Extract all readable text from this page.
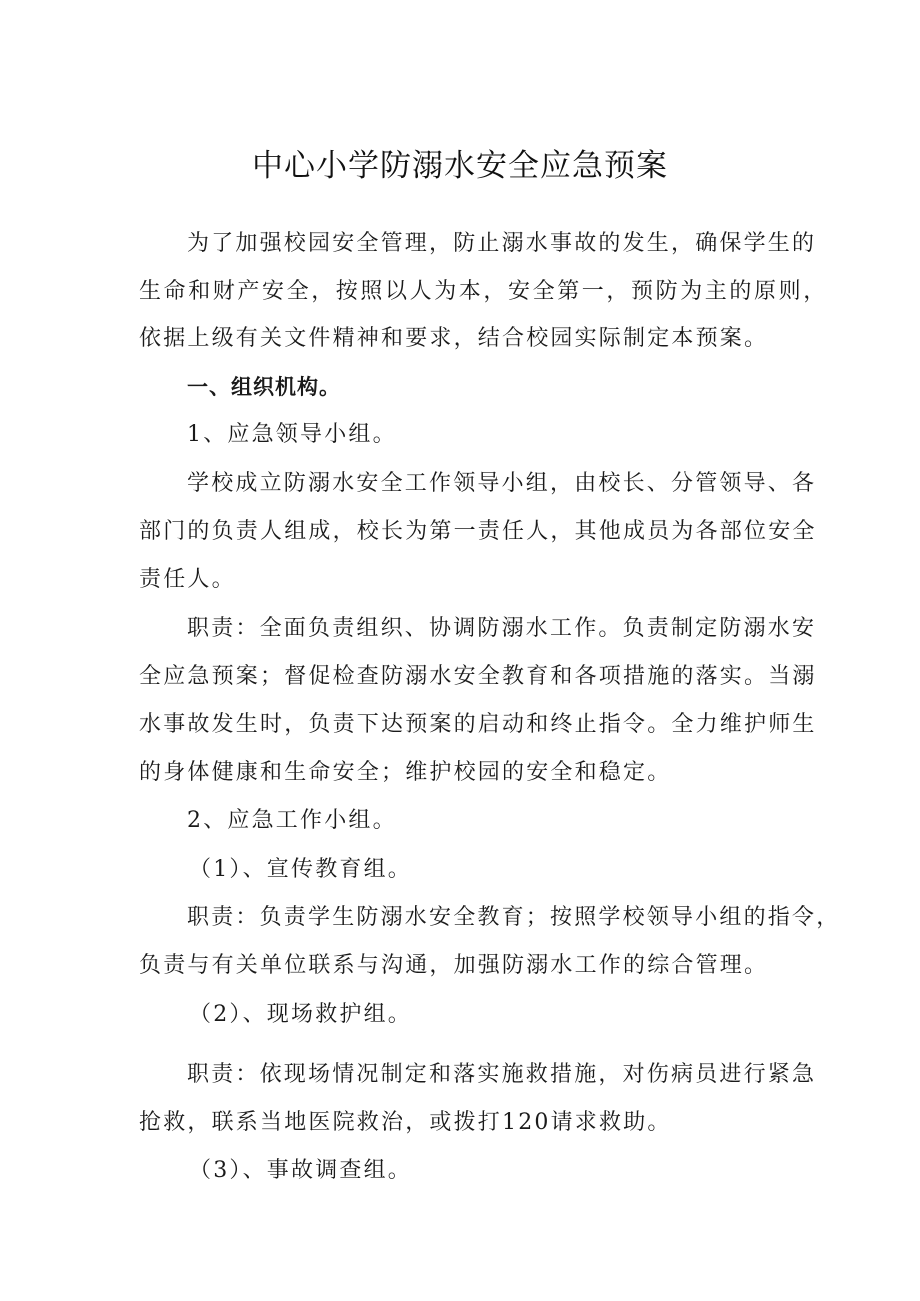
中心小学防溺水安全应急预案
为了加强校园安全管理，防止溺水事故的发生，确保学生的
生命和财产安全，按照以人为本，安全第一，预防为主的原则，
依据上级有关文件精神和要求，结合校园实际制定本预案。
一、组织机构。
1、应急领导小组。
学校成立防溺水安全工作领导小组，由校长、分管领导、各
部门的负责人组成，校长为第一责任人，其他成员为各部位安全
责任人。
职责：全面负责组织、协调防溺水工作。负责制定防溺水安
全应急预案；督促检查防溺水安全教育和各项措施的落实。当溺
水事故发生时，负责下达预案的启动和终止指令。全力维护师生
的身体健康和生命安全；维护校园的安全和稳定。
2、应急工作小组。
（1）、宣传教育组。
职责：负责学生防溺水安全教育；按照学校领导小组的指令，
负责与有关单位联系与沟通，加强防溺水工作的综合管理。
（2）、现场救护组。
职责：依现场情况制定和落实施救措施，对伤病员进行紧急
抢救，联系当地医院救治，或拨打120请求救助。
（3）、事故调查组。
